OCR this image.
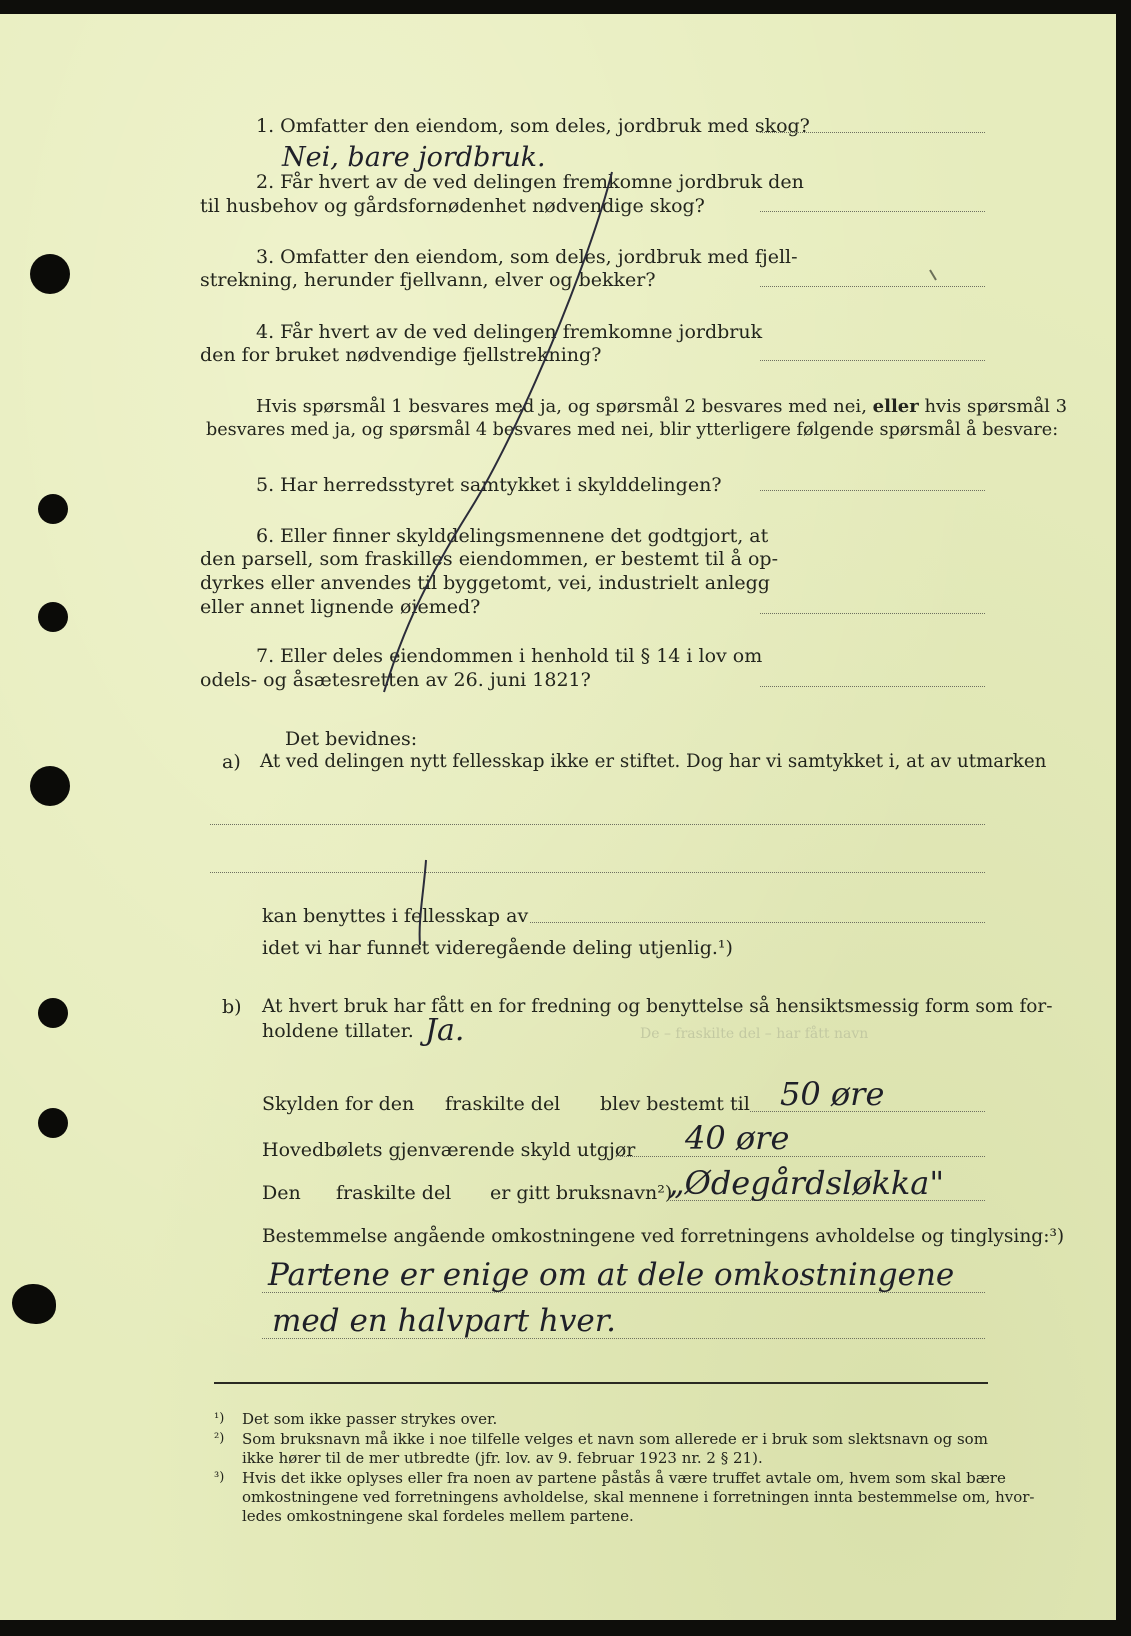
1. Omfatter den eiendom, som deles, jordbruk med skog?
Nei, bare jordbruk.
2. Får hvert av de ved delingen fremkomne jordbruk den
til husbehov og gårdsfornødenhet nødvendige skog?
3. Omfatter den eiendom, som deles, jordbruk med fjell-
strekning, herunder fjellvann, elver og bekker?
4. Får hvert av de ved delingen fremkomne jordbruk
den for bruket nødvendige fjellstrekning?
Hvis spørsmål 1 besvares med ja, og spørsmål 2 besvares med nei, eller hvis spørsmål 3
besvares med ja, og spørsmål 4 besvares med nei, blir ytterligere følgende spørsmål å besvare:
5. Har herredsstyret samtykket i skylddelingen?
6. Eller finner skylddelingsmennene det godtgjort, at
den parsell, som fraskilles eiendommen, er bestemt til å op-
dyrkes eller anvendes til byggetomt, vei, industrielt anlegg
eller annet lignende øiemed?
7. Eller deles eiendommen i henhold til § 14 i lov om
odels- og åsætesretten av 26. juni 1821?
Det bevidnes:
a) At ved delingen nytt fellesskap ikke er stiftet. Dog har vi samtykket i, at av utmarken
kan benyttes i fellesskap av
idet vi har funnet videregående deling utjenlig.¹)
b) At hvert bruk har fått en for fredning og benyttelse så hensiktsmessig form som for-
holdene tillater. Ja.	De – fraskilte del – har fått navn
Skylden for den fraskilte del blev bestemt til 50 øre
Hovedbølets gjenværende skyld utgjør 40 øre
Den fraskilte del er gitt bruksnavn²)
„Ødegårdsløkka"
Bestemmelse angående omkostningene ved forretningens avholdelse og tinglysing:³)
Partene er enige om at dele omkostningene
med en halvpart hver.
¹) Det som ikke passer strykes over.
²) Som bruksnavn må ikke i noe tilfelle velges et navn som allerede er i bruk som slektsnavn og som
ikke hører til de mer utbredte (jfr. lov. av 9. februar 1923 nr. 2 § 21).
³) Hvis det ikke oplyses eller fra noen av partene påstås å være truffet avtale om, hvem som skal bære
omkostningene ved forretningens avholdelse, skal mennene i forretningen innta bestemmelse om, hvor-
ledes omkostningene skal fordeles mellem partene.
